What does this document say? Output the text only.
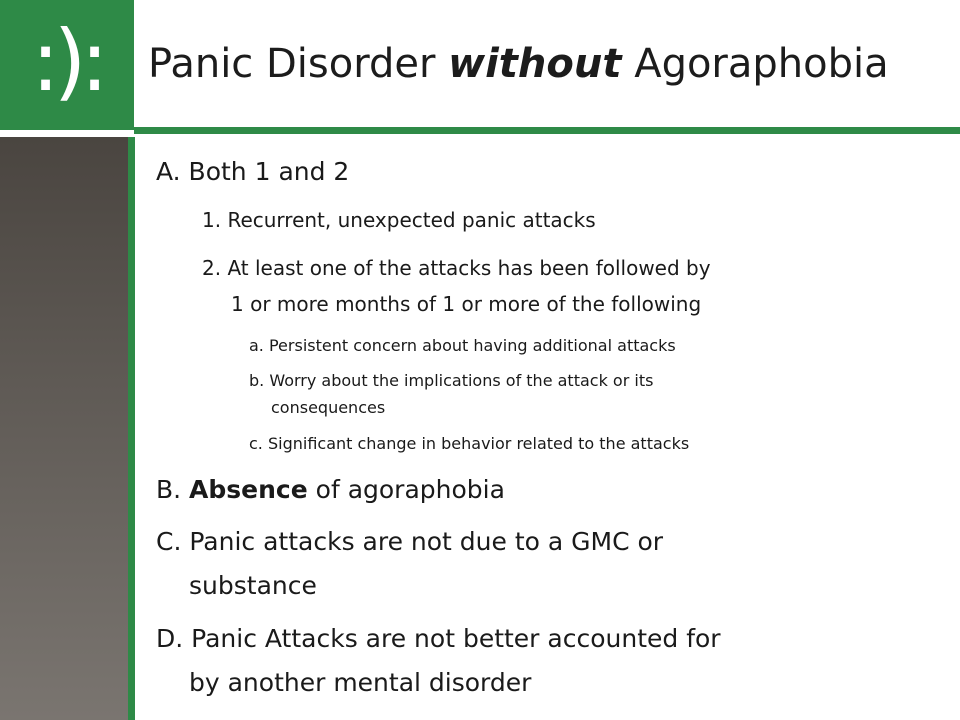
:): Panic Disorder without Agoraphobia

A. Both 1 and 2

1. Recurrent, unexpected panic attacks

2. At least one of the attacks has been followed by

1 or more months of 1 or more of the following

a. Persistent concern about having additional attacks

b. Worry about the implications of the attack or its

consequences

c. Significant change in behavior related to the attacks

B. Absence of agoraphobia

C. Panic attacks are not due to a GMC or

substance

D. Panic Attacks are not better accounted for

by another mental disorder
